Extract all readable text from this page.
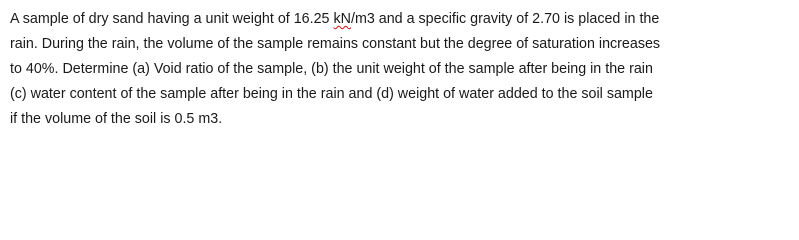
A sample of dry sand having a unit weight of 16.25 kN/m3 and a specific gravity of 2.70 is placed in the
rain. During the rain, the volume of the sample remains constant but the degree of saturation increases
to 40%. Determine (a) Void ratio of the sample, (b) the unit weight of the sample after being in the rain
(c) water content of the sample after being in the rain and (d) weight of water added to the soil sample
if the volume of the soil is 0.5 m3.
